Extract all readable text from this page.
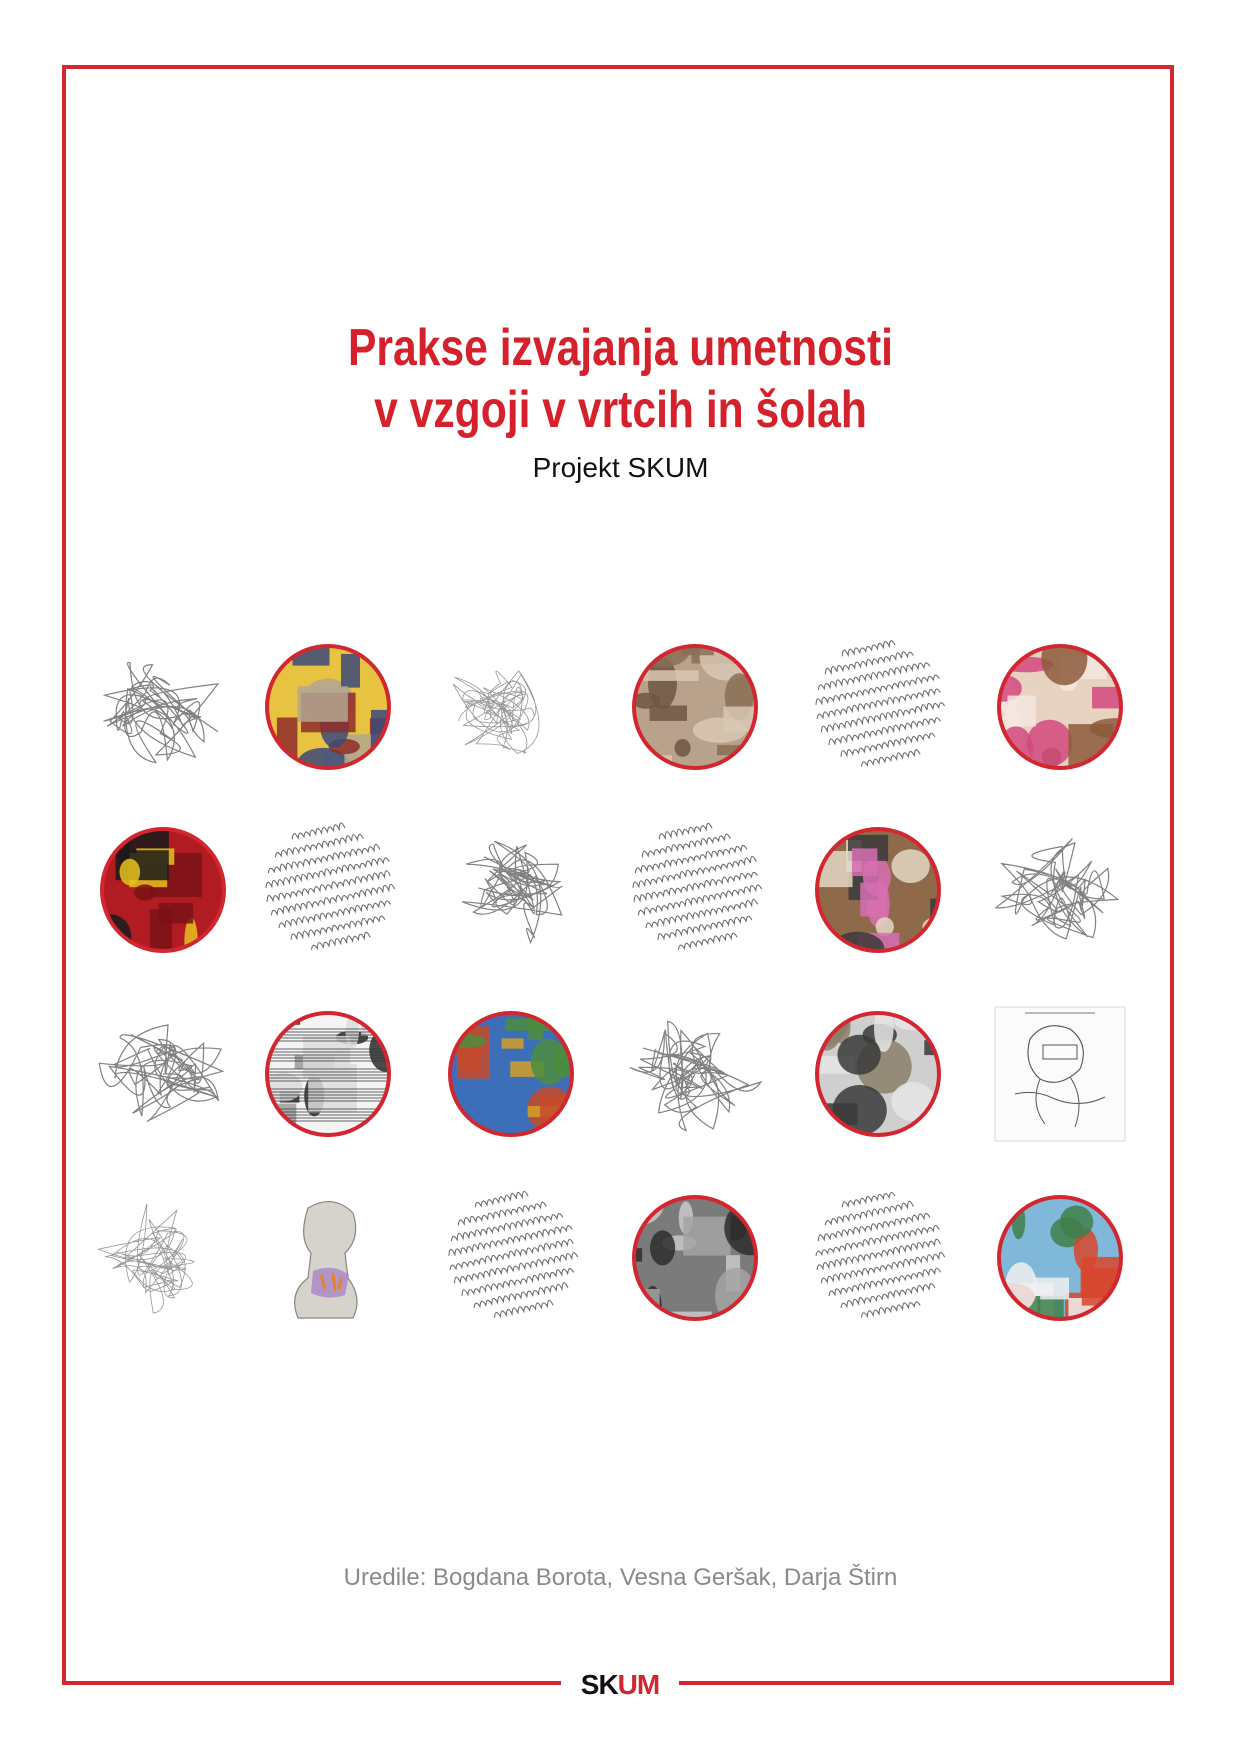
Prakse izvajanja umetnosti
v vzgoji v vrtcih in šolah

Projekt SKUM

Uredile: Bogdana Borota, Vesna Geršak, Darja Štirn

SKUM
